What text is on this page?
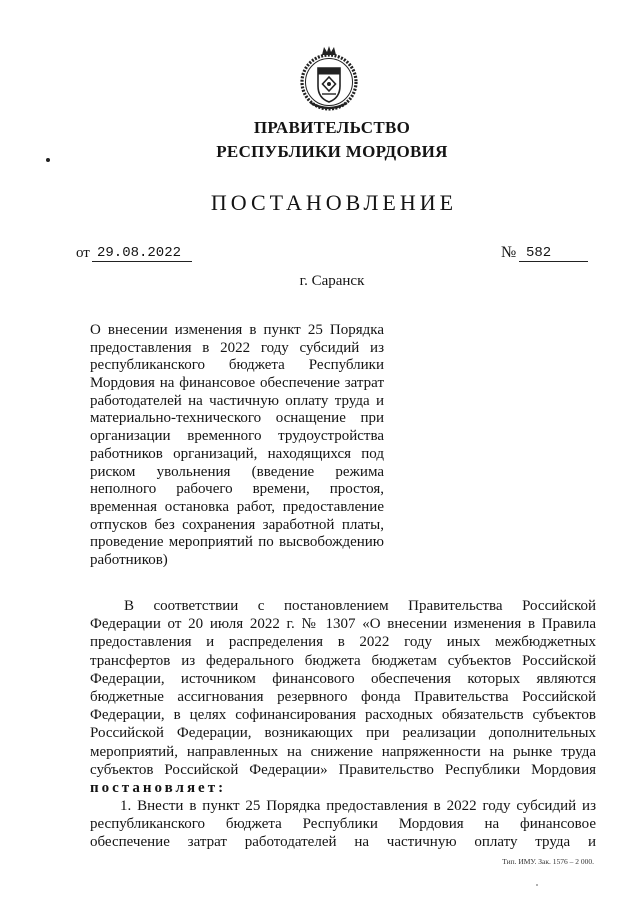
ПРАВИТЕЛЬСТВО
РЕСПУБЛИКИ МОРДОВИЯ
ПОСТАНОВЛЕНИЕ
от 29.08.2022	№ 582
г. Саранск
О внесении изменения в пункт 25 Порядка
предоставления в 2022 году субсидий из
республиканского бюджета Республики
Мордовия на финансовое обеспечение затрат
работодателей на частичную оплату труда и
материально-технического оснащение при
организации временного трудоустройства
работников организаций, находящихся под
риском увольнения (введение режима
неполного рабочего времени, простоя,
временная остановка работ, предоставление
отпусков без сохранения заработной платы,
проведение мероприятий по высвобождению
работников)
В соответствии с постановлением Правительства Российской
Федерации от 20 июля 2022 г. № 1307 «О внесении изменения в Правила
предоставления и распределения в 2022 году иных межбюджетных
трансфертов из федерального бюджета бюджетам субъектов Российской
Федерации, источником финансового обеспечения которых являются
бюджетные ассигнования резервного фонда Правительства Российской
Федерации, в целях софинансирования расходных обязательств субъектов
Российской Федерации, возникающих при реализации дополнительных
мероприятий, направленных на снижение напряженности на рынке труда
субъектов Российской Федерации» Правительство Республики Мордовия
постановляет:
1. Внести в пункт 25 Порядка предоставления в 2022 году субсидий из
республиканского бюджета Республики Мордовия на финансовое
обеспечение затрат работодателей на частичную оплату труда и
Тип. ИМУ. Зак. 1576 – 2 000.
